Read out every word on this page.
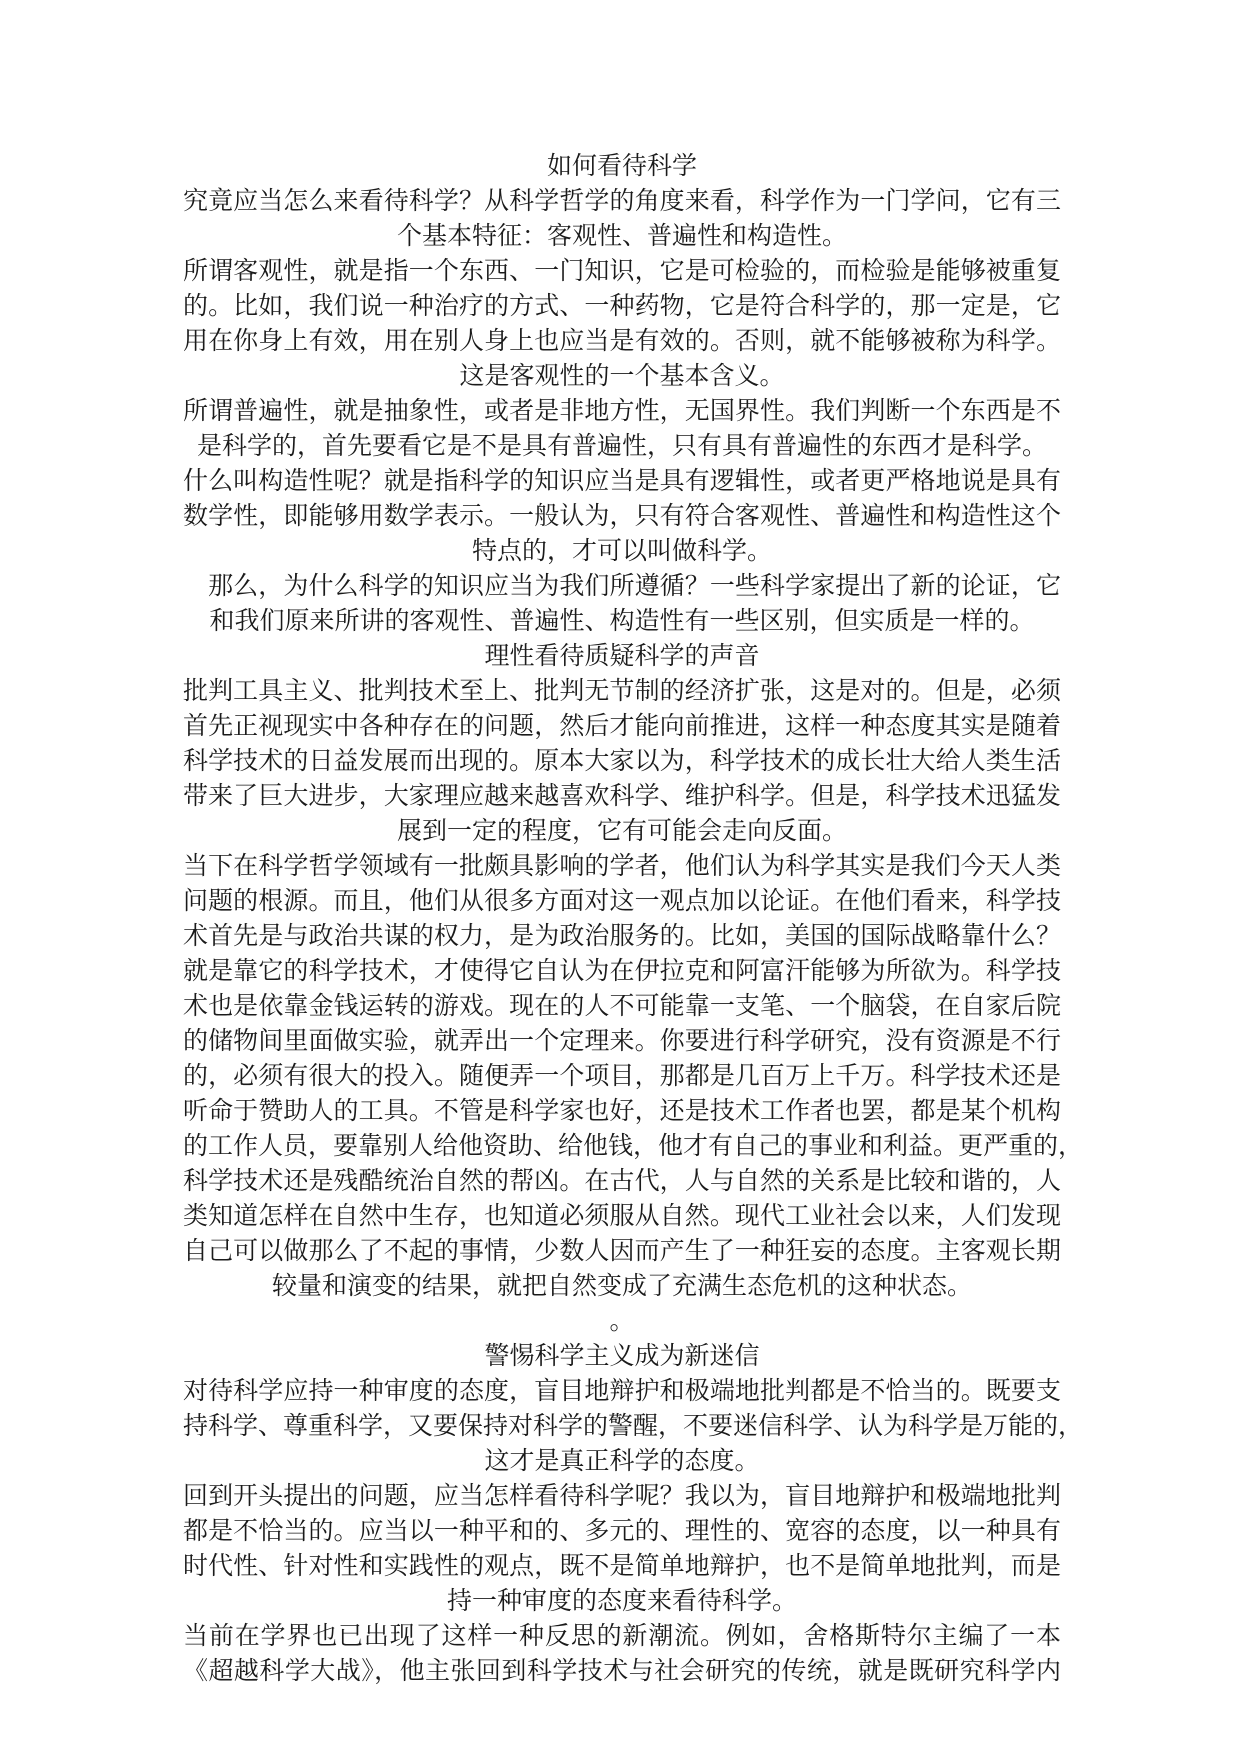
如何看待科学
究竟应当怎么来看待科学？从科学哲学的角度来看，科学作为一门学问，它有三
个基本特征：客观性、普遍性和构造性。
所谓客观性，就是指一个东西、一门知识，它是可检验的，而检验是能够被重复
的。比如，我们说一种治疗的方式、一种药物，它是符合科学的，那一定是，它
用在你身上有效，用在别人身上也应当是有效的。否则，就不能够被称为科学。
这是客观性的一个基本含义。
所谓普遍性，就是抽象性，或者是非地方性，无国界性。我们判断一个东西是不
是科学的，首先要看它是不是具有普遍性，只有具有普遍性的东西才是科学。
什么叫构造性呢？就是指科学的知识应当是具有逻辑性，或者更严格地说是具有
数学性，即能够用数学表示。一般认为，只有符合客观性、普遍性和构造性这个
特点的，才可以叫做科学。
　那么，为什么科学的知识应当为我们所遵循？一些科学家提出了新的论证，它
和我们原来所讲的客观性、普遍性、构造性有一些区别，但实质是一样的。
理性看待质疑科学的声音
批判工具主义、批判技术至上、批判无节制的经济扩张，这是对的。但是，必须
首先正视现实中各种存在的问题，然后才能向前推进，这样一种态度其实是随着
科学技术的日益发展而出现的。原本大家以为，科学技术的成长壮大给人类生活
带来了巨大进步，大家理应越来越喜欢科学、维护科学。但是，科学技术迅猛发
展到一定的程度，它有可能会走向反面。
当下在科学哲学领域有一批颇具影响的学者，他们认为科学其实是我们今天人类
问题的根源。而且，他们从很多方面对这一观点加以论证。在他们看来，科学技
术首先是与政治共谋的权力，是为政治服务的。比如，美国的国际战略靠什么？
就是靠它的科学技术，才使得它自认为在伊拉克和阿富汗能够为所欲为。科学技
术也是依靠金钱运转的游戏。现在的人不可能靠一支笔、一个脑袋，在自家后院
的储物间里面做实验，就弄出一个定理来。你要进行科学研究，没有资源是不行
的，必须有很大的投入。随便弄一个项目，那都是几百万上千万。科学技术还是
听命于赞助人的工具。不管是科学家也好，还是技术工作者也罢，都是某个机构
的工作人员，要靠别人给他资助、给他钱，他才有自己的事业和利益。更严重的，
科学技术还是残酷统治自然的帮凶。在古代，人与自然的关系是比较和谐的，人
类知道怎样在自然中生存，也知道必须服从自然。现代工业社会以来，人们发现
自己可以做那么了不起的事情，少数人因而产生了一种狂妄的态度。主客观长期
较量和演变的结果，就把自然变成了充满生态危机的这种状态。
。
警惕科学主义成为新迷信
对待科学应持一种审度的态度，盲目地辩护和极端地批判都是不恰当的。既要支
持科学、尊重科学，又要保持对科学的警醒，不要迷信科学、认为科学是万能的，
这才是真正科学的态度。
回到开头提出的问题，应当怎样看待科学呢？我以为，盲目地辩护和极端地批判
都是不恰当的。应当以一种平和的、多元的、理性的、宽容的态度，以一种具有
时代性、针对性和实践性的观点，既不是简单地辩护，也不是简单地批判，而是
持一种审度的态度来看待科学。
当前在学界也已出现了这样一种反思的新潮流。例如，舍格斯特尔主编了一本
《超越科学大战》，他主张回到科学技术与社会研究的传统，就是既研究科学内
